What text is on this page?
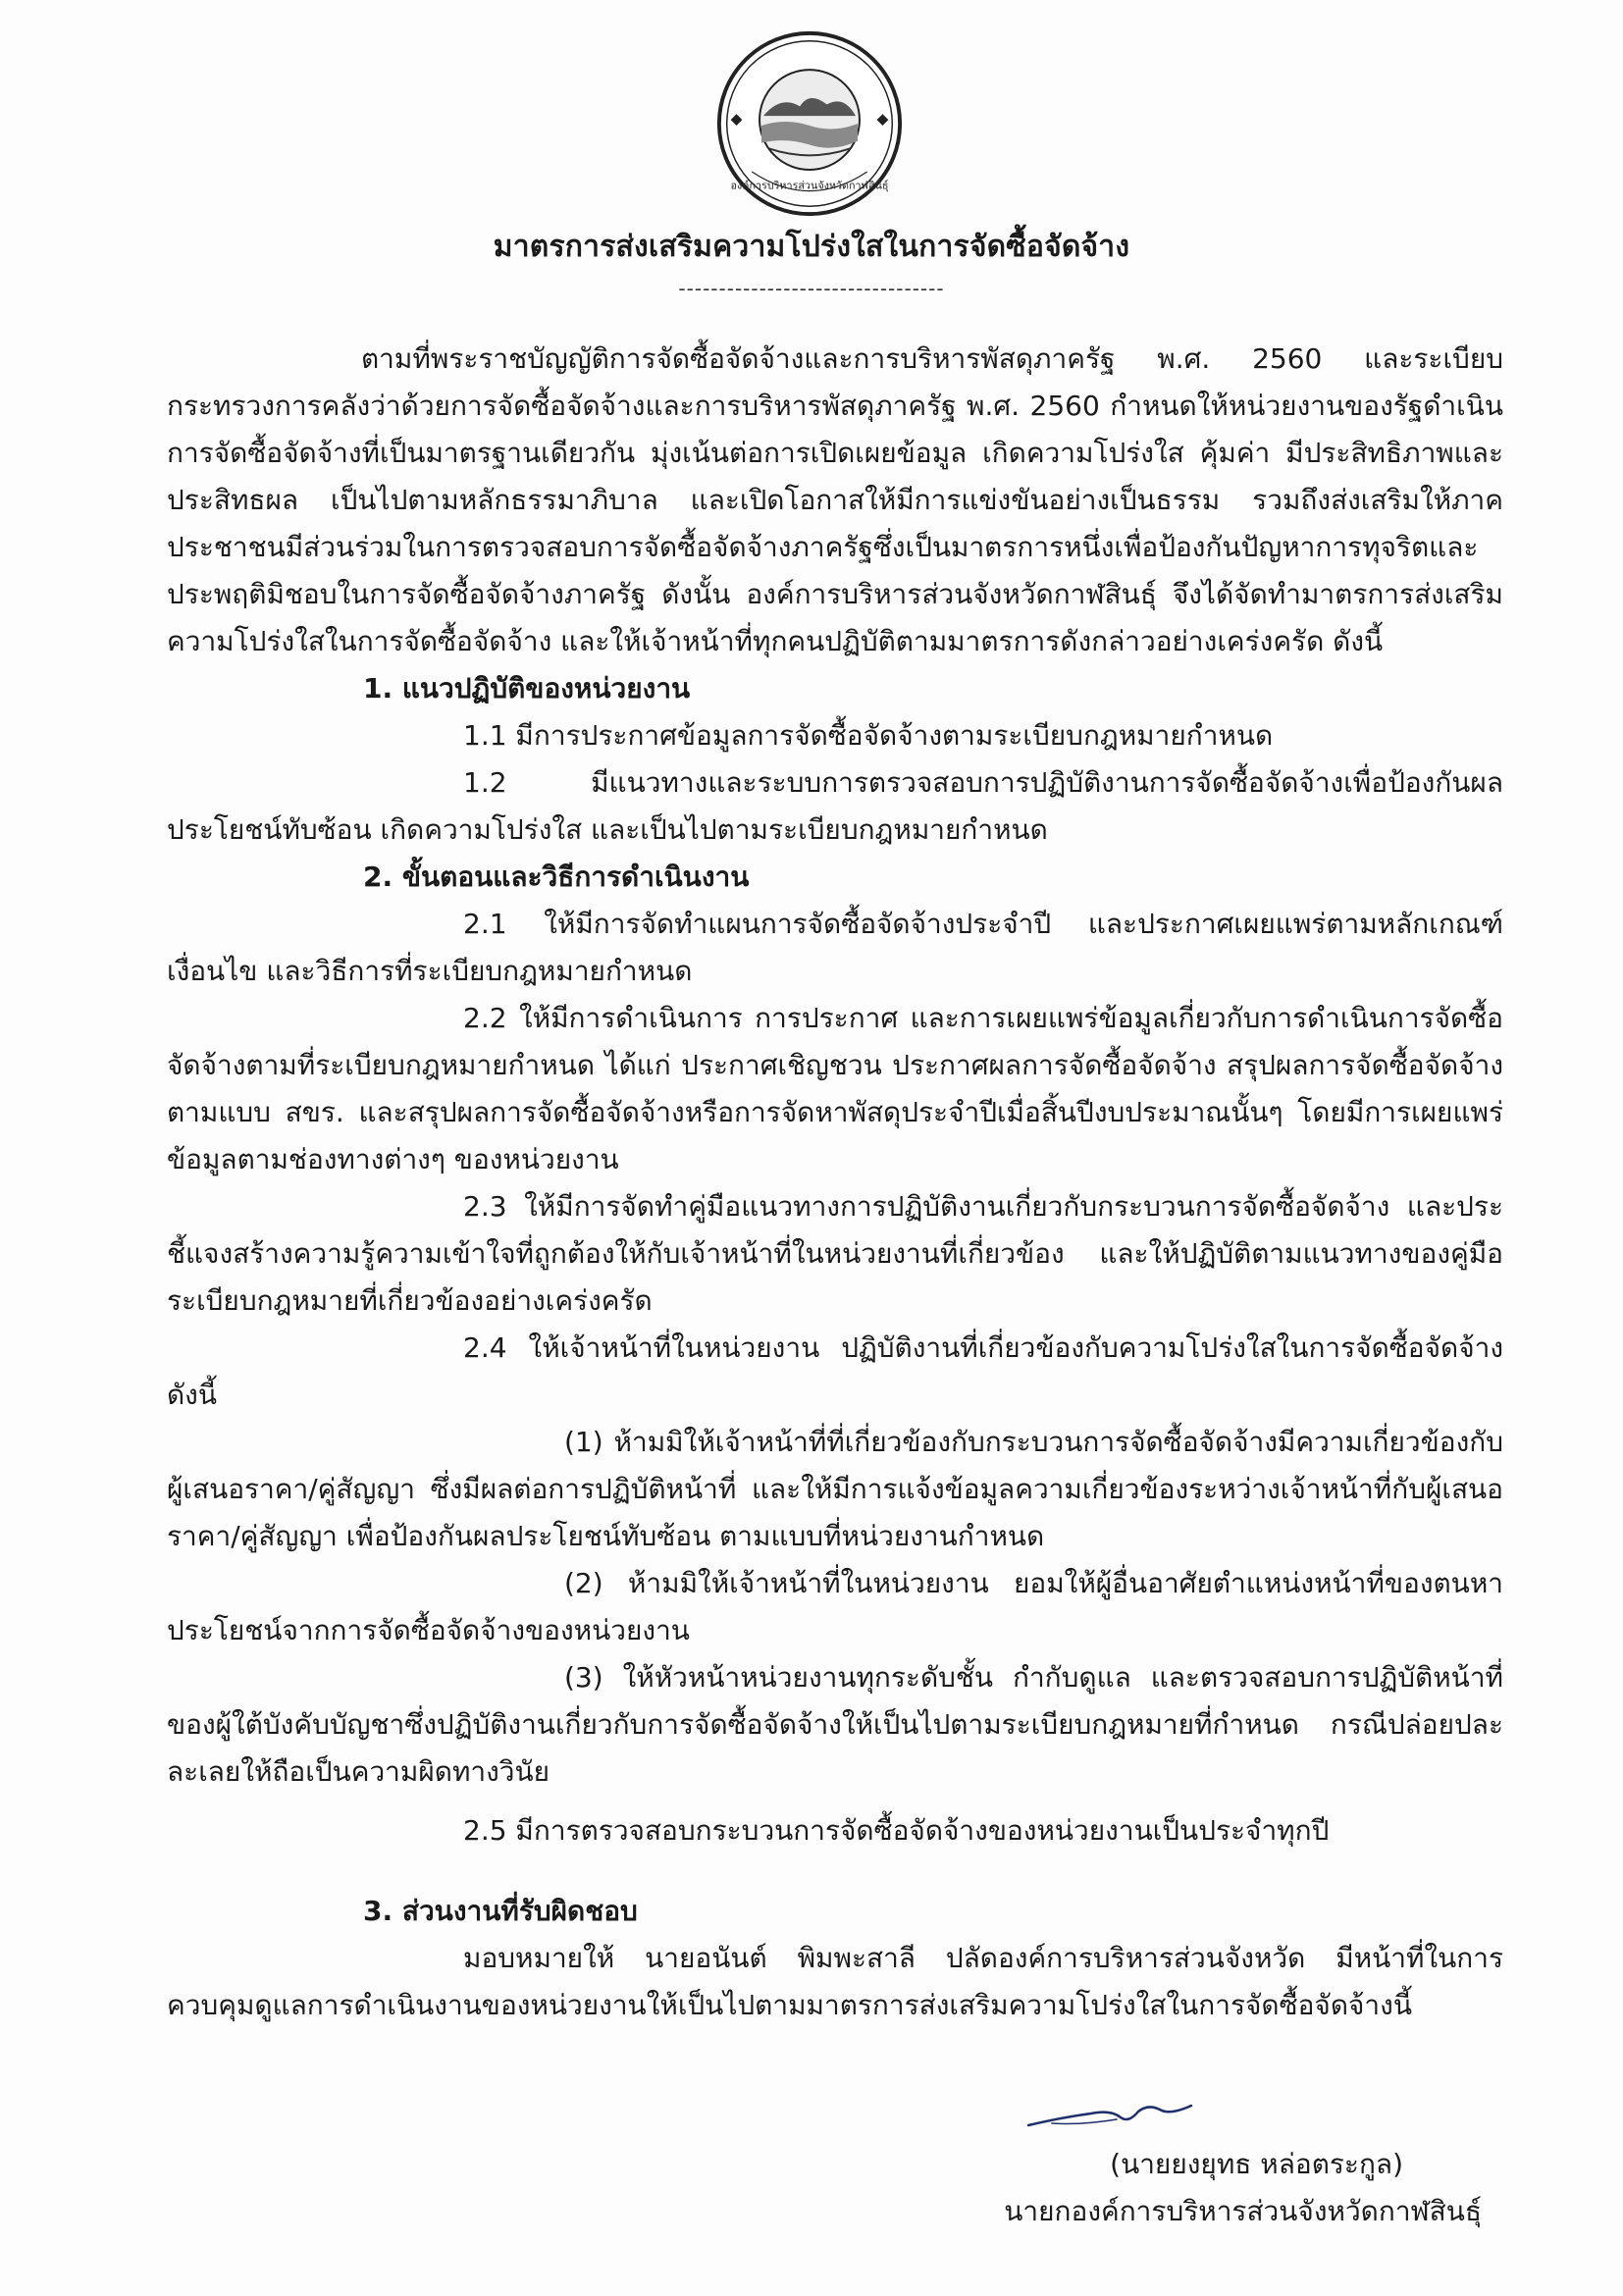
องค์การบริหารส่วนจังหวัดกาฬสินธุ์
มาตรการส่งเสริมความโปร่งใสในการจัดซื้อจัดจ้าง
---------------------------------

ตามที่พระราชบัญญัติการจัดซื้อจัดจ้างและการบริหารพัสดุภาครัฐ พ.ศ. 2560 และระเบียบกระทรวงการคลังว่าด้วยการจัดซื้อจัดจ้างและการบริหารพัสดุภาครัฐ พ.ศ. 2560 กำหนดให้หน่วยงานของรัฐดำเนินการจัดซื้อจัดจ้างที่เป็นมาตรฐานเดียวกัน มุ่งเน้นต่อการเปิดเผยข้อมูล เกิดความโปร่งใส คุ้มค่า มีประสิทธิภาพและประสิทธผล เป็นไปตามหลักธรรมาภิบาล และเปิดโอกาสให้มีการแข่งขันอย่างเป็นธรรม รวมถึงส่งเสริมให้ภาคประชาชนมีส่วนร่วมในการตรวจสอบการจัดซื้อจัดจ้างภาครัฐซึ่งเป็นมาตรการหนึ่งเพื่อป้องกันปัญหาการทุจริตและประพฤติมิชอบในการจัดซื้อจัดจ้างภาครัฐ ดังนั้น องค์การบริหารส่วนจังหวัดกาฬสินธุ์ จึงได้จัดทำมาตรการส่งเสริมความโปร่งใสในการจัดซื้อจัดจ้าง และให้เจ้าหน้าที่ทุกคนปฏิบัติตามมาตรการดังกล่าวอย่างเคร่งครัด ดังนี้

1. แนวปฏิบัติของหน่วยงาน

1.1 มีการประกาศข้อมูลการจัดซื้อจัดจ้างตามระเบียบกฎหมายกำหนด

1.2 มีแนวทางและระบบการตรวจสอบการปฏิบัติงานการจัดซื้อจัดจ้างเพื่อป้องกันผลประโยชน์ทับซ้อน เกิดความโปร่งใส และเป็นไปตามระเบียบกฎหมายกำหนด

2. ขั้นตอนและวิธีการดำเนินงาน

2.1 ให้มีการจัดทำแผนการจัดซื้อจัดจ้างประจำปี และประกาศเผยแพร่ตามหลักเกณฑ์เงื่อนไข และวิธีการที่ระเบียบกฎหมายกำหนด

2.2 ให้มีการดำเนินการ การประกาศ และการเผยแพร่ข้อมูลเกี่ยวกับการดำเนินการจัดซื้อจัดจ้างตามที่ระเบียบกฎหมายกำหนด ได้แก่ ประกาศเชิญชวน ประกาศผลการจัดซื้อจัดจ้าง สรุปผลการจัดซื้อจัดจ้างตามแบบ สขร. และสรุปผลการจัดซื้อจัดจ้างหรือการจัดหาพัสดุประจำปีเมื่อสิ้นปีงบประมาณนั้นๆ โดยมีการเผยแพร่ข้อมูลตามช่องทางต่างๆ ของหน่วยงาน

2.3 ให้มีการจัดทำคู่มือแนวทางการปฏิบัติงานเกี่ยวกับกระบวนการจัดซื้อจัดจ้าง และประชี้แจงสร้างความรู้ความเข้าใจที่ถูกต้องให้กับเจ้าหน้าที่ในหน่วยงานที่เกี่ยวข้อง และให้ปฏิบัติตามแนวทางของคู่มือระเบียบกฎหมายที่เกี่ยวข้องอย่างเคร่งครัด

2.4 ให้เจ้าหน้าที่ในหน่วยงาน ปฏิบัติงานที่เกี่ยวข้องกับความโปร่งใสในการจัดซื้อจัดจ้าง ดังนี้

(1) ห้ามมิให้เจ้าหน้าที่ที่เกี่ยวข้องกับกระบวนการจัดซื้อจัดจ้างมีความเกี่ยวข้องกับผู้เสนอราคา/คู่สัญญา ซึ่งมีผลต่อการปฏิบัติหน้าที่ และให้มีการแจ้งข้อมูลความเกี่ยวข้องระหว่างเจ้าหน้าที่กับผู้เสนอราคา/คู่สัญญา เพื่อป้องกันผลประโยชน์ทับซ้อน ตามแบบที่หน่วยงานกำหนด

(2) ห้ามมิให้เจ้าหน้าที่ในหน่วยงาน ยอมให้ผู้อื่นอาศัยตำแหน่งหน้าที่ของตนหาประโยชน์จากการจัดซื้อจัดจ้างของหน่วยงาน

(3) ให้หัวหน้าหน่วยงานทุกระดับชั้น กำกับดูแล และตรวจสอบการปฏิบัติหน้าที่ของผู้ใต้บังคับบัญชาซึ่งปฏิบัติงานเกี่ยวกับการจัดซื้อจัดจ้างให้เป็นไปตามระเบียบกฎหมายที่กำหนด กรณีปล่อยปละละเลยให้ถือเป็นความผิดทางวินัย

2.5 มีการตรวจสอบกระบวนการจัดซื้อจัดจ้างของหน่วยงานเป็นประจำทุกปี

3. ส่วนงานที่รับผิดชอบ

มอบหมายให้ นายอนันต์ พิมพะสาลี ปลัดองค์การบริหารส่วนจังหวัด มีหน้าที่ในการควบคุมดูแลการดำเนินงานของหน่วยงานให้เป็นไปตามมาตรการส่งเสริมความโปร่งใสในการจัดซื้อจัดจ้างนี้

(นายยงยุทธ หล่อตระกูล)

นายกองค์การบริหารส่วนจังหวัดกาฬสินธุ์
